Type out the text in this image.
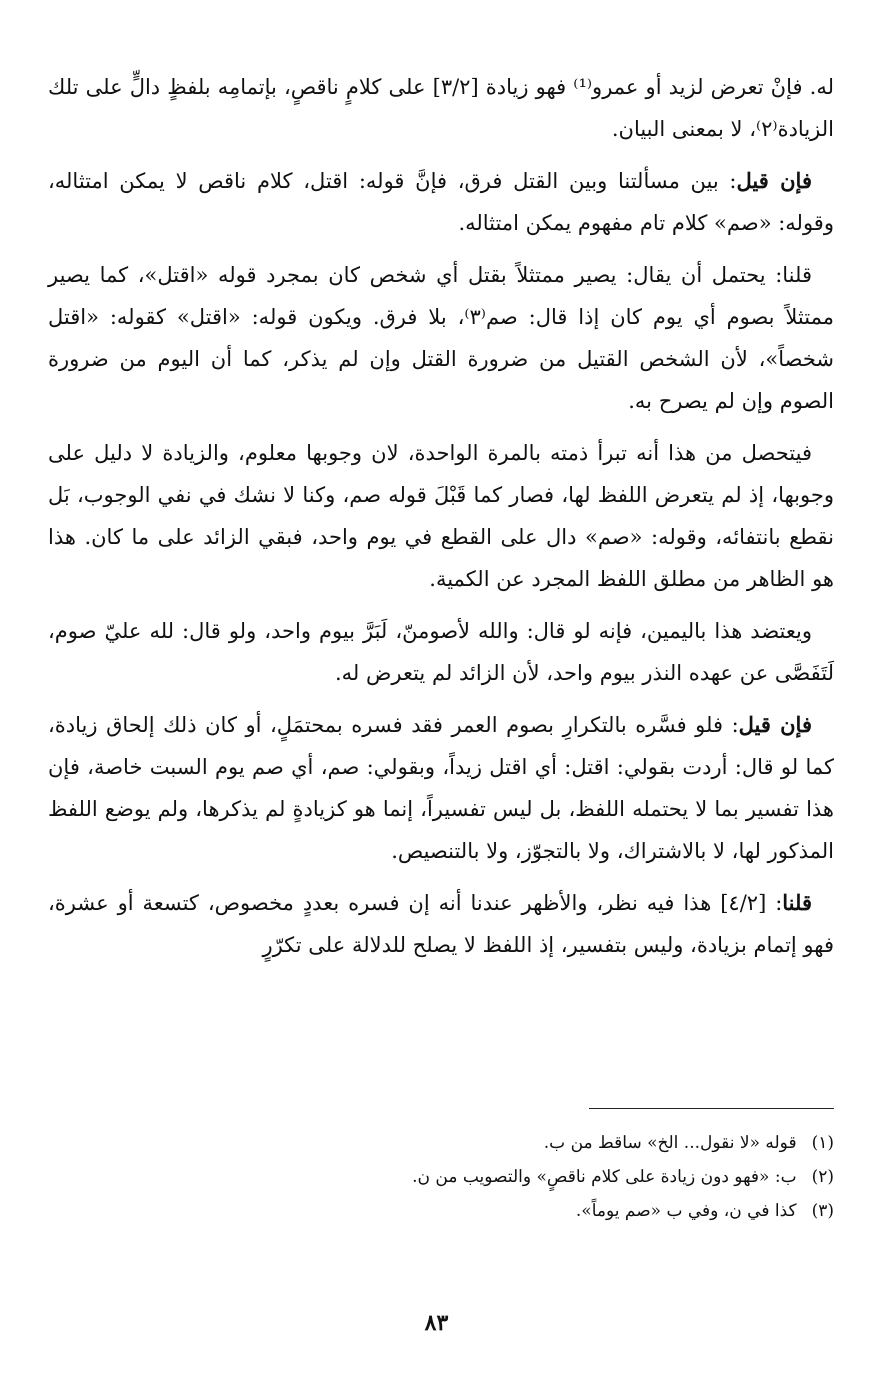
له. فإنْ تعرض لزيد أو عمرو⁽¹⁾ فهو زيادة [٣/٢] على كلامٍ ناقصٍ، بإتمامِه بلفظٍ دالٍّ على تلك الزيادة⁽٢⁾، لا بمعنى البيان.

فإن قيل: بين مسألتنا وبين القتل فرق، فإنَّ قوله: اقتل، كلام ناقص لا يمكن امتثاله، وقوله: «صم» كلام تام مفهوم يمكن امتثاله.

قلنا: يحتمل أن يقال: يصير ممتثلاً بقتل أي شخص كان بمجرد قوله «اقتل»، كما يصير ممتثلاً بصوم أي يوم كان إذا قال: صم⁽٣⁾، بلا فرق. ويكون قوله: «اقتل» كقوله: «اقتل شخصاً»، لأن الشخص القتيل من ضرورة القتل وإن لم يذكر، كما أن اليوم من ضرورة الصوم وإن لم يصرح به.

فيتحصل من هذا أنه تبرأ ذمته بالمرة الواحدة، لان وجوبها معلوم، والزيادة لا دليل على وجوبها، إذ لم يتعرض اللفظ لها، فصار كما قَبْلَ قوله صم، وكنا لا نشك في نفي الوجوب، بَل نقطع بانتفائه، وقوله: «صم» دال على القطع في يوم واحد، فبقي الزائد على ما كان. هذا هو الظاهر من مطلق اللفظ المجرد عن الكمية.

ويعتضد هذا باليمين، فإنه لو قال: والله لأصومنّ، لَبَرَّ بيوم واحد، ولو قال: لله عليّ صوم، لَتَفَصَّى عن عهده النذر بيوم واحد، لأن الزائد لم يتعرض له.

فإن قيل: فلو فسَّره بالتكرارِ بصوم العمر فقد فسره بمحتمَلٍ، أو كان ذلك إلحاق زيادة، كما لو قال: أردت بقولي: اقتل: أي اقتل زيداً، وبقولي: صم، أي صم يوم السبت خاصة، فإن هذا تفسير بما لا يحتمله اللفظ، بل ليس تفسيراً، إنما هو كزيادةٍ لم يذكرها، ولم يوضع اللفظ المذكور لها، لا بالاشتراك، ولا بالتجوّز، ولا بالتنصيص.

قلنا: [٤/٢] هذا فيه نظر، والأظهر عندنا أنه إن فسره بعددٍ مخصوص، كتسعة أو عشرة، فهو إتمام بزيادة، وليس بتفسير، إذ اللفظ لا يصلح للدلالة على تكرّرٍ

(١) قوله «لا نقول... الخ» ساقط من ب.
(٢) ب: «فهو دون زيادة على كلام ناقصٍ» والتصويب من ن.
(٣) كذا في ن، وفي ب «صم يوماً».
٨٣
